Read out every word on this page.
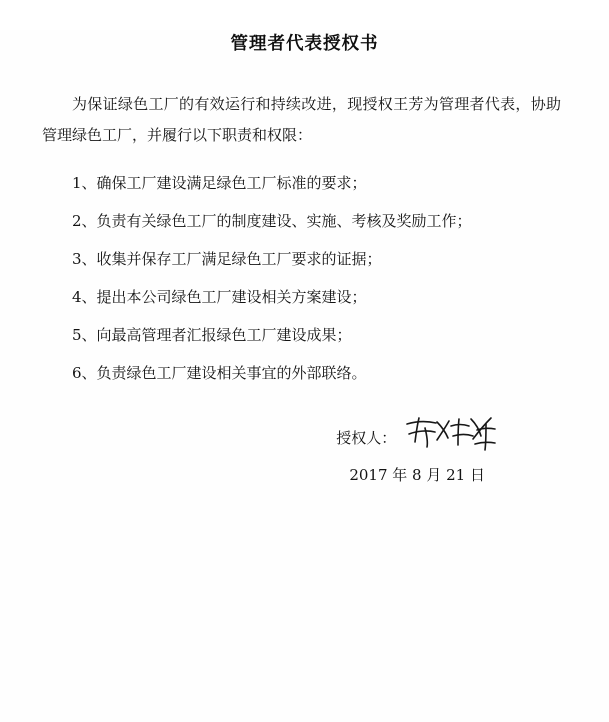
管理者代表授权书

为保证绿色工厂的有效运行和持续改进，现授权王芳为管理者代表，协助管理绿色工厂，并履行以下职责和权限：

1、确保工厂建设满足绿色工厂标准的要求；

2、负责有关绿色工厂的制度建设、实施、考核及奖励工作；

3、收集并保存工厂满足绿色工厂要求的证据；

4、提出本公司绿色工厂建设相关方案建设；

5、向最高管理者汇报绿色工厂建设成果；

6、负责绿色工厂建设相关事宜的外部联络。

授权人：
2017 年 8 月 21 日
